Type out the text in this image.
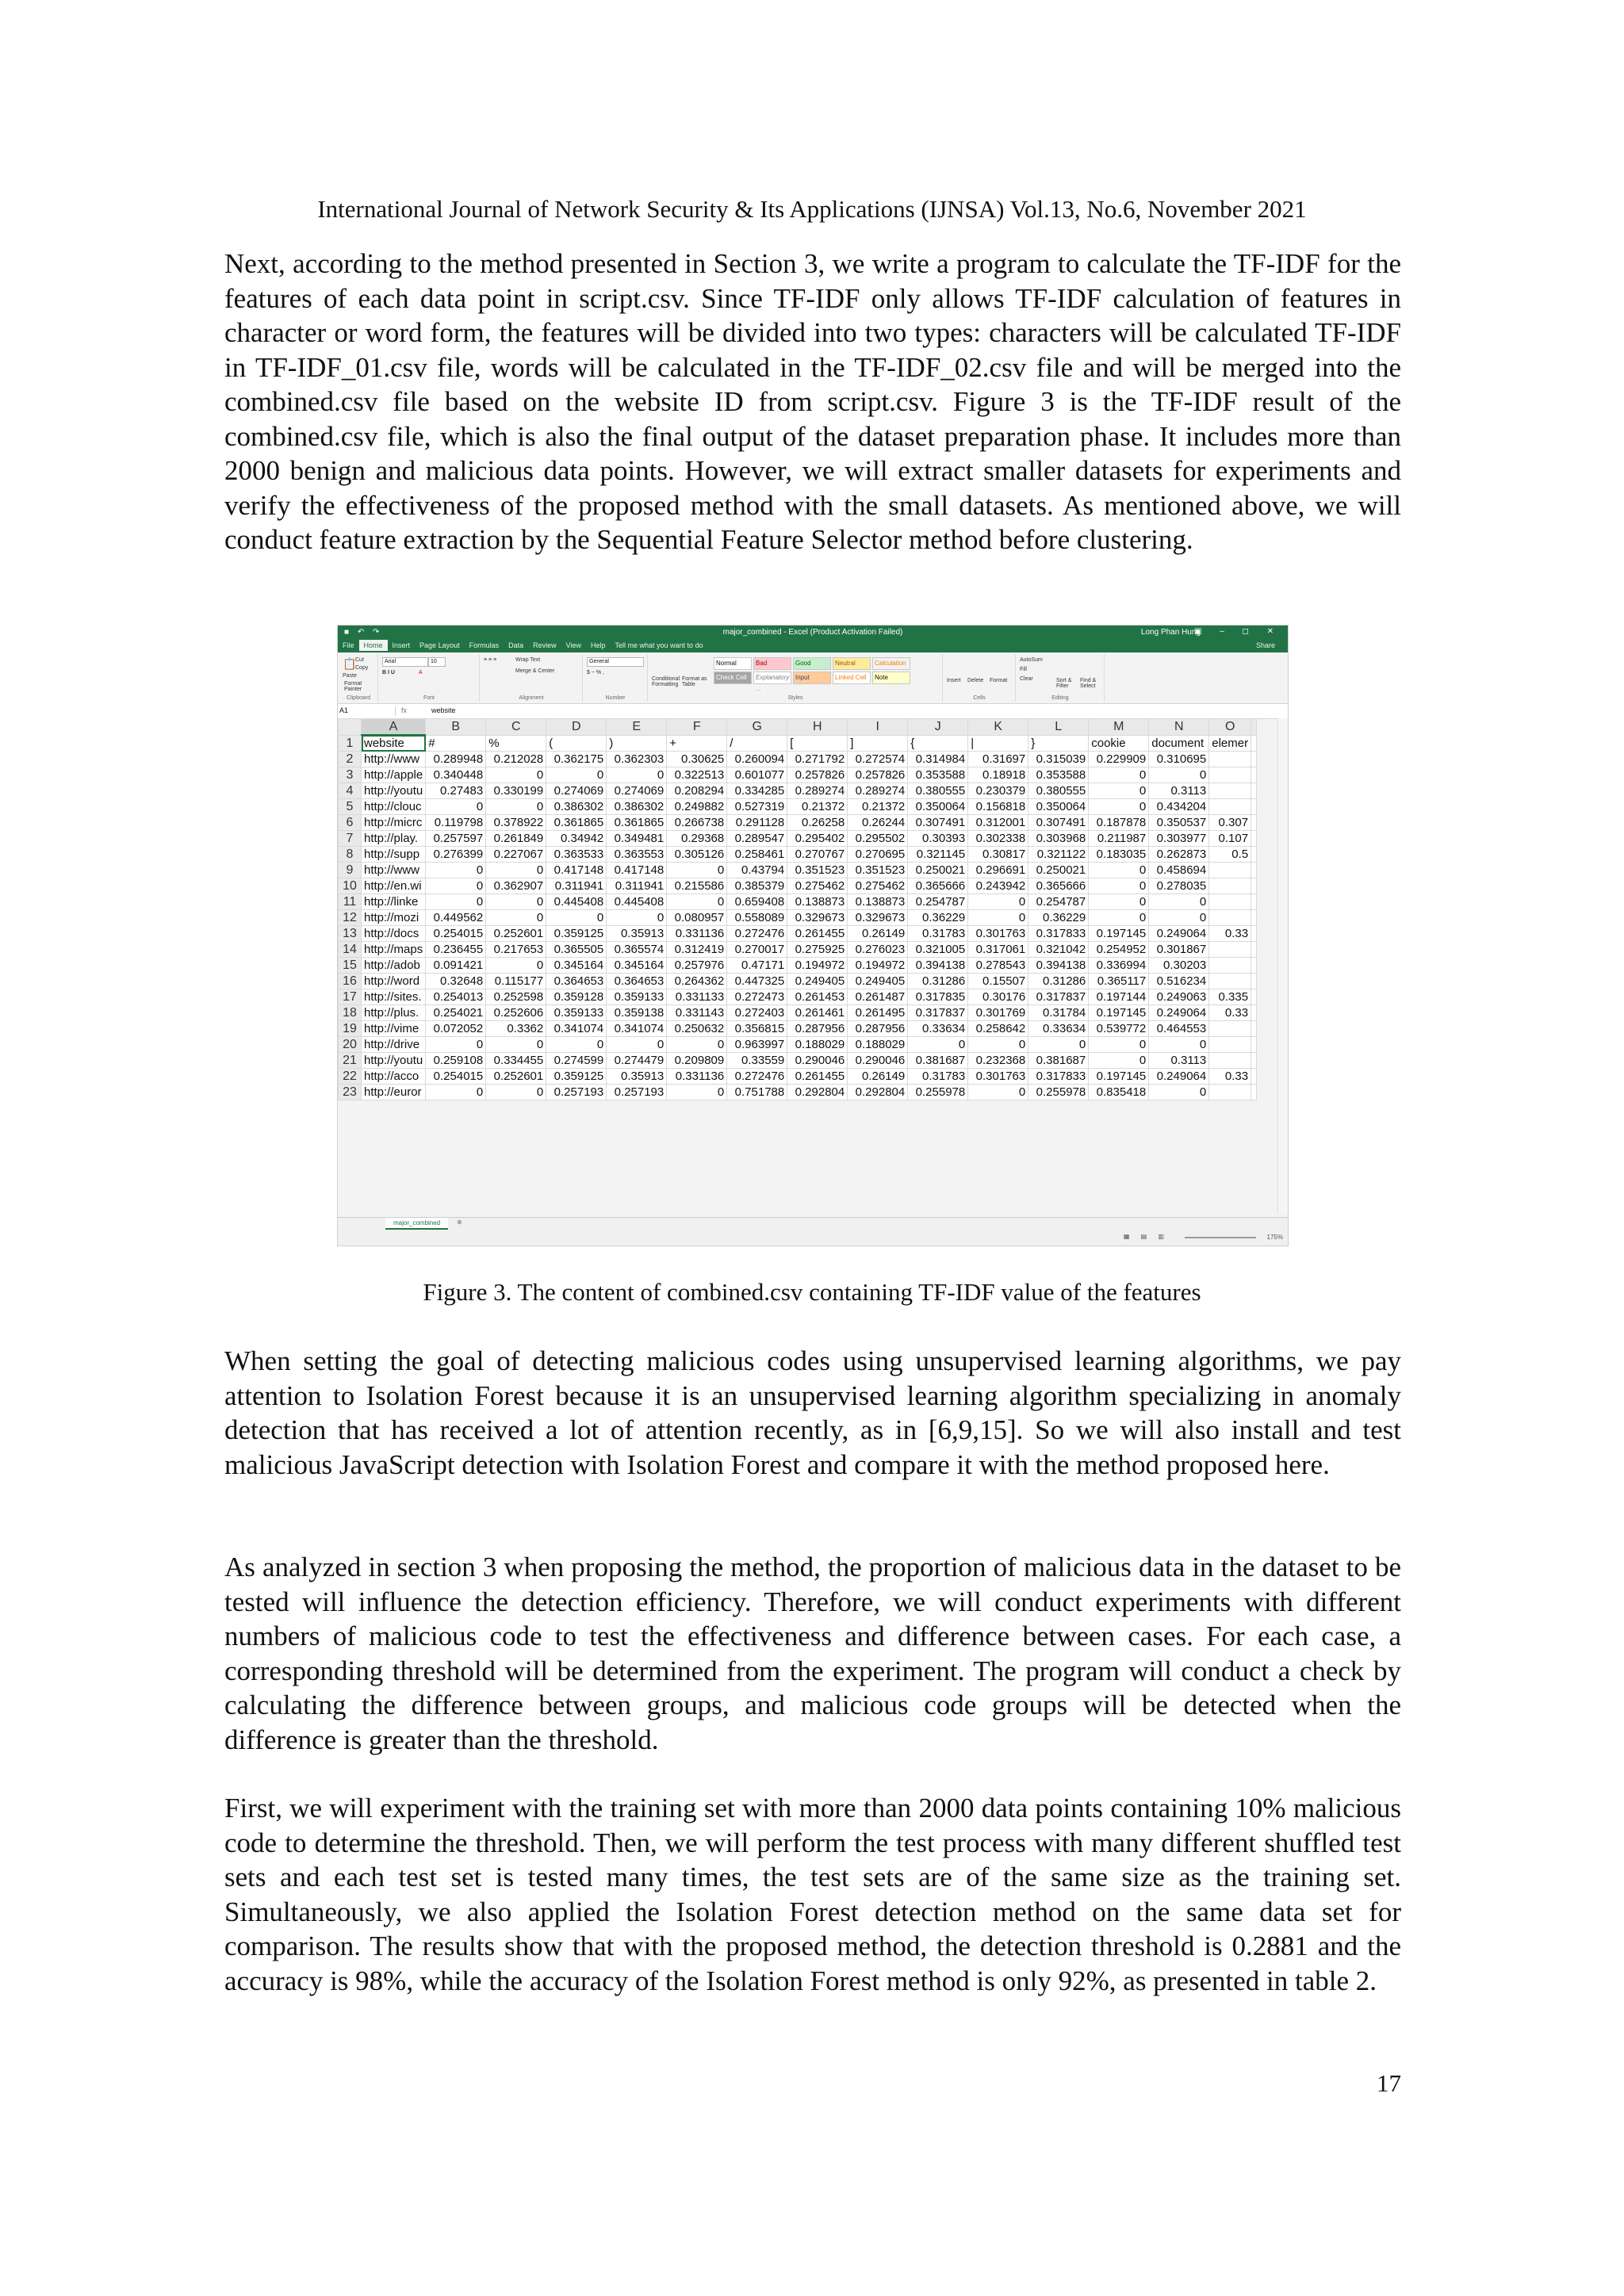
International Journal of Network Security & Its Applications (IJNSA) Vol.13, No.6, November 2021

Next, according to the method presented in Section 3, we write a program to calculate the TF-IDF for the features of each data point in script.csv. Since TF-IDF only allows TF-IDF calculation of features in character or word form, the features will be divided into two types: characters will be calculated TF-IDF in TF-IDF_01.csv file, words will be calculated in the TF-IDF_02.csv file and will be merged into the combined.csv file based on the website ID from script.csv. Figure 3 is the TF-IDF result of the combined.csv file, which is also the final output of the dataset preparation phase. It includes more than 2000 benign and malicious data points. However, we will extract smaller datasets for experiments and verify the effectiveness of the proposed method with the small datasets. As mentioned above, we will conduct feature extraction by the Sequential Feature Selector method before clustering.

■ ↶ ↷	major_combined - Excel (Product Activation Failed)	Long Phan Hung
▣ – ◻ ✕
File Home Insert Page Layout Formulas Data Review View Help Tell me what you want to do	Share
📋
Paste
Cut
Copy
Format Painter
Clipboard
Arial	10
B I U	A
Font
≡ ≡ ≡	Wrap Text
Merge & Center
Alignment
General
$ ~ % ,
Number
Conditional Formatting
Format as Table
Normal	Bad	Good	Neutral	Calculation
Check Cell	Explanatory ...
Input	Linked Cell	Note
Styles
Insert Delete Format
Cells
AutoSum
Fill
Clear	Sort & Filter
Find & Select
Editing
A1	fx	website
	A	B	C	D	E	F	G	H	I	J	K	L	M	N	O	
1	website	#	%	(	)	+	/	[	]	{	|	}	cookie	document	elemer	
2	http://www	0.289948	0.212028	0.362175	0.362303	0.30625	0.260094	0.271792	0.272574	0.314984	0.31697	0.315039	0.229909	0.310695		
3	http://apple	0.340448	0	0	0	0.322513	0.601077	0.257826	0.257826	0.353588	0.18918	0.353588	0	0		
4	http://youtu	0.27483	0.330199	0.274069	0.274069	0.208294	0.334285	0.289274	0.289274	0.380555	0.230379	0.380555	0	0.3113		
5	http://clouc	0	0	0.386302	0.386302	0.249882	0.527319	0.21372	0.21372	0.350064	0.156818	0.350064	0	0.434204		
6	http://micrc	0.119798	0.378922	0.361865	0.361865	0.266738	0.291128	0.26258	0.26244	0.307491	0.312001	0.307491	0.187878	0.350537	0.307	
7	http://play.	0.257597	0.261849	0.34942	0.349481	0.29368	0.289547	0.295402	0.295502	0.30393	0.302338	0.303968	0.211987	0.303977	0.107	
8	http://supp	0.276399	0.227067	0.363533	0.363553	0.305126	0.258461	0.270767	0.270695	0.321145	0.30817	0.321122	0.183035	0.262873	0.5	
9	http://www	0	0	0.417148	0.417148	0	0.43794	0.351523	0.351523	0.250021	0.296691	0.250021	0	0.458694		
10	http://en.wi	0	0.362907	0.311941	0.311941	0.215586	0.385379	0.275462	0.275462	0.365666	0.243942	0.365666	0	0.278035		
11	http://linke	0	0	0.445408	0.445408	0	0.659408	0.138873	0.138873	0.254787	0	0.254787	0	0		
12	http://mozi	0.449562	0	0	0	0.080957	0.558089	0.329673	0.329673	0.36229	0	0.36229	0	0		
13	http://docs	0.254015	0.252601	0.359125	0.35913	0.331136	0.272476	0.261455	0.26149	0.31783	0.301763	0.317833	0.197145	0.249064	0.33	
14	http://maps	0.236455	0.217653	0.365505	0.365574	0.312419	0.270017	0.275925	0.276023	0.321005	0.317061	0.321042	0.254952	0.301867		
15	http://adob	0.091421	0	0.345164	0.345164	0.257976	0.47171	0.194972	0.194972	0.394138	0.278543	0.394138	0.336994	0.30203		
16	http://word	0.32648	0.115177	0.364653	0.364653	0.264362	0.447325	0.249405	0.249405	0.31286	0.15507	0.31286	0.365117	0.516234		
17	http://sites.	0.254013	0.252598	0.359128	0.359133	0.331133	0.272473	0.261453	0.261487	0.317835	0.30176	0.317837	0.197144	0.249063	0.335	
18	http://plus.	0.254021	0.252606	0.359133	0.359138	0.331143	0.272403	0.261461	0.261495	0.317837	0.301769	0.31784	0.197145	0.249064	0.33	
19	http://vime	0.072052	0.3362	0.341074	0.341074	0.250632	0.356815	0.287956	0.287956	0.33634	0.258642	0.33634	0.539772	0.464553		
20	http://drive	0	0	0	0	0	0.963997	0.188029	0.188029	0	0	0	0	0		
21	http://youtu	0.259108	0.334455	0.274599	0.274479	0.209809	0.33559	0.290046	0.290046	0.381687	0.232368	0.381687	0	0.3113		
22	http://acco	0.254015	0.252601	0.359125	0.35913	0.331136	0.272476	0.261455	0.26149	0.31783	0.301763	0.317833	0.197145	0.249064	0.33	
23	http://euror	0	0	0.257193	0.257193	0	0.751788	0.292804	0.292804	0.255978	0	0.255978	0.835418	0		
major_combined	⊕
▦ ▤ ▥	175%
Figure 3. The content of combined.csv containing TF-IDF value of the features

When setting the goal of detecting malicious codes using unsupervised learning algorithms, we pay attention to Isolation Forest because it is an unsupervised learning algorithm specializing in anomaly detection that has received a lot of attention recently, as in [6,9,15]. So we will also install and test malicious JavaScript detection with Isolation Forest and compare it with the method proposed here.

As analyzed in section 3 when proposing the method, the proportion of malicious data in the dataset to be tested will influence the detection efficiency. Therefore, we will conduct experiments with different numbers of malicious code to test the effectiveness and difference between cases. For each case, a corresponding threshold will be determined from the experiment. The program will conduct a check by calculating the difference between groups, and malicious code groups will be detected when the difference is greater than the threshold.

First, we will experiment with the training set with more than 2000 data points containing 10% malicious code to determine the threshold. Then, we will perform the test process with many different shuffled test sets and each test set is tested many times, the test sets are of the same size as the training set. Simultaneously, we also applied the Isolation Forest detection method on the same data set for comparison. The results show that with the proposed method, the detection threshold is 0.2881 and the accuracy is 98%, while the accuracy of the Isolation Forest method is only 92%, as presented in table 2.

17
